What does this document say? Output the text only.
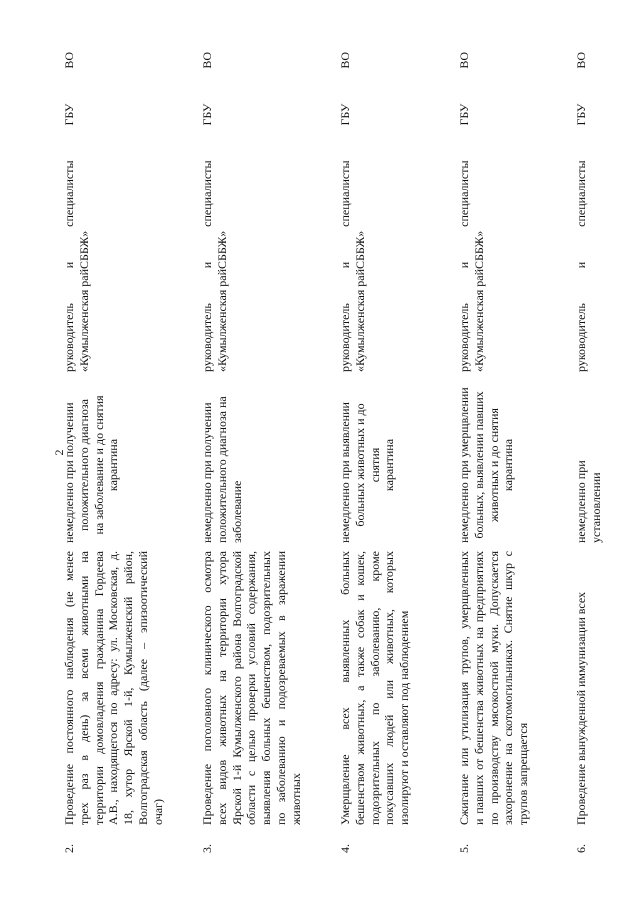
2
2.
Проведение постоянного наблюдения (не менее трех раз в день) за всеми животными на территории домовладения гражданина Гордеева А.В., находящегося по адресу: ул. Московская, д. 18, хутор Ярской 1-й, Кумылженский район, Волгоградская область (далее – эпизоотический очаг)
немедленно при получении положительного диагноза на заболевание и до снятия карантина
руководитель и специалисты ГБУ ВО «Кумылженская райСББЖ»
3.
Проведение поголовного клинического осмотра всех видов животных на территории хутора Ярской 1-й Кумылженского района Волгоградской области с целью проверки условий содержания, выявления больных бешенством, подозрительных по заболеванию и подозреваемых в заражении животных
немедленно при получении положительного диагноза на заболевание
руководитель и специалисты ГБУ ВО «Кумылженская райСББЖ»
4.
Умерщвление всех выявленных больных бешенством животных, а также собак и кошек, подозрительных по заболеванию, кроме покусавших людей или животных, которых изолируют и оставляют под наблюдением
немедленно при выявлении больных животных и до снятия карантина
руководитель и специалисты ГБУ ВО «Кумылженская райСББЖ»
5.
Сжигание или утилизация трупов, умерщвленных и павших от бешенства животных на предприятиях по производству мясокостной муки. Допускается захоронение на скотомогильниках. Снятие шкур с трупов запрещается
немедленно при умерщвлении больных, выявлении павших животных и до снятия карантина
руководитель и специалисты ГБУ ВО «Кумылженская райСББЖ»
6.
Проведение вынужденной иммунизации всех
немедленно при установлении
руководитель и специалисты ГБУ ВО
